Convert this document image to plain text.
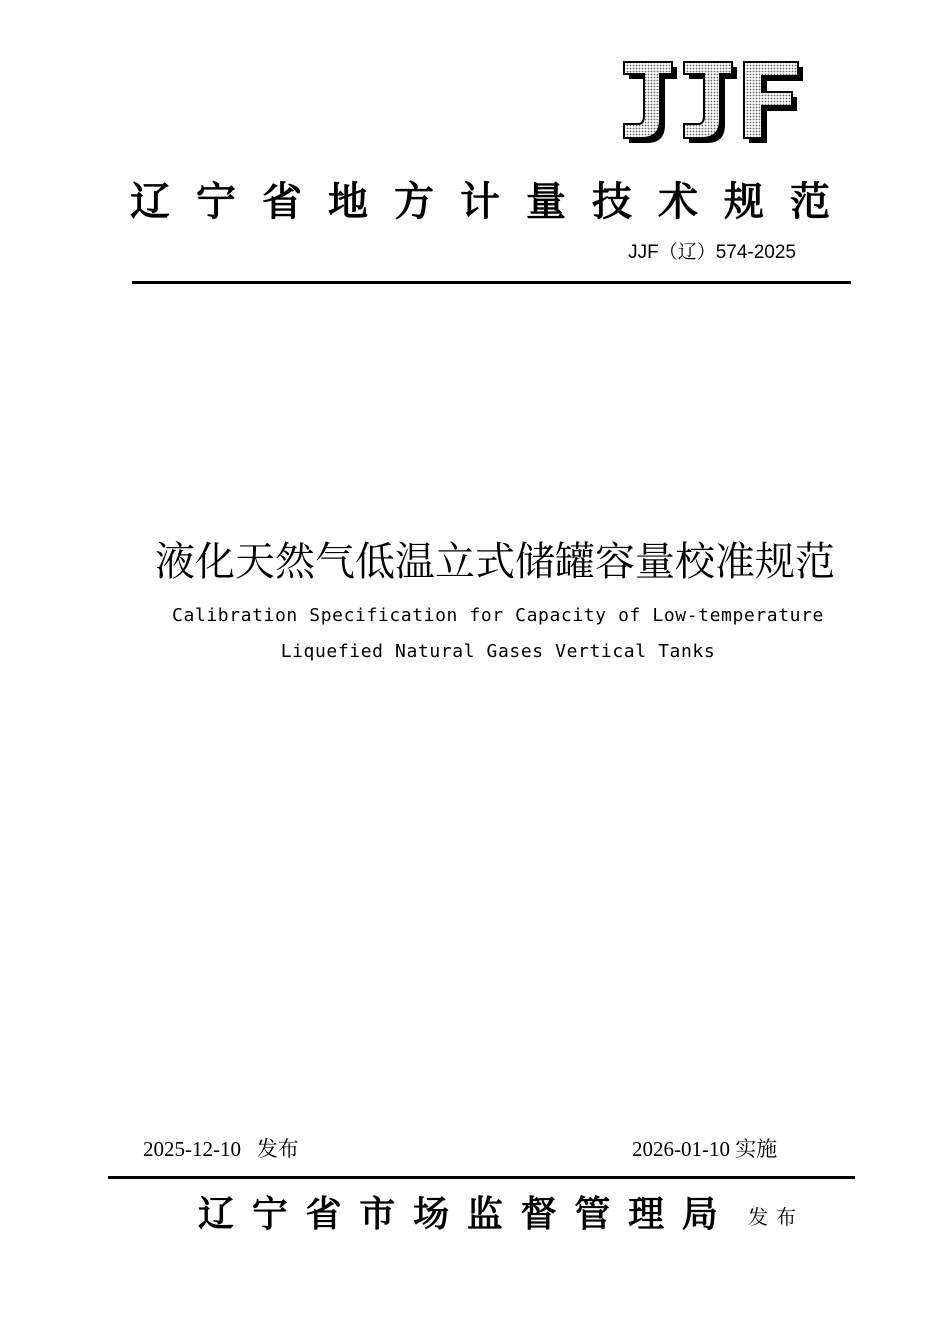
辽 宁 省 地 方 计 量 技 术 规 范
JJF（辽）574-2025
液化天然气低温立式储罐容量校准规范
Calibration Specification for Capacity of Low-temperature
Liquefied Natural Gases Vertical Tanks
2025-12-10   发布	2026-01-10 实施
辽 宁 省 市 场 监 督 管 理 局 发布
